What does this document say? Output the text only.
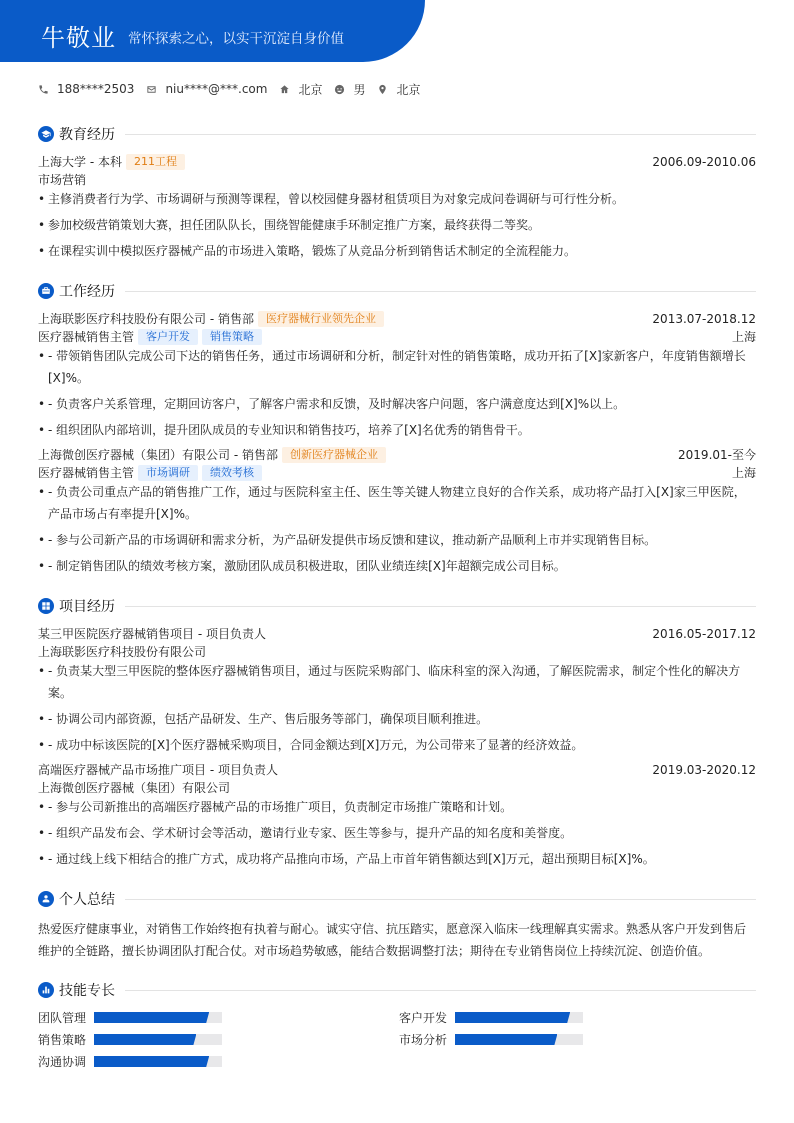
牛敬业 常怀探索之心，以实干沉淀自身价值
188****2503	niu****@***.com	北京	男	北京
教育经历
上海大学 - 本科	211工程	2006.09-2010.06
市场营销
• 主修消费者行为学、市场调研与预测等课程，曾以校园健身器材租赁项目为对象完成问卷调研与可行性分析。
• 参加校级营销策划大赛，担任团队队长，围绕智能健康手环制定推广方案，最终获得二等奖。
• 在课程实训中模拟医疗器械产品的市场进入策略，锻炼了从竞品分析到销售话术制定的全流程能力。
工作经历
上海联影医疗科技股份有限公司 - 销售部	医疗器械行业领先企业	2013.07-2018.12
医疗器械销售主管	客户开发	销售策略	上海
• - 带领销售团队完成公司下达的销售任务，通过市场调研和分析，制定针对性的销售策略，成功开拓了[X]家新客户，年度销售额增长[X]%。
• - 负责客户关系管理，定期回访客户，了解客户需求和反馈，及时解决客户问题，客户满意度达到[X]%以上。
• - 组织团队内部培训，提升团队成员的专业知识和销售技巧，培养了[X]名优秀的销售骨干。
上海微创医疗器械（集团）有限公司 - 销售部	创新医疗器械企业	2019.01-至今
医疗器械销售主管	市场调研	绩效考核	上海
• - 负责公司重点产品的销售推广工作，通过与医院科室主任、医生等关键人物建立良好的合作关系，成功将产品打入[X]家三甲医院，产品市场占有率提升[X]%。
• - 参与公司新产品的市场调研和需求分析，为产品研发提供市场反馈和建议，推动新产品顺利上市并实现销售目标。
• - 制定销售团队的绩效考核方案，激励团队成员积极进取，团队业绩连续[X]年超额完成公司目标。
项目经历
某三甲医院医疗器械销售项目 - 项目负责人	2016.05-2017.12
上海联影医疗科技股份有限公司
• - 负责某大型三甲医院的整体医疗器械销售项目，通过与医院采购部门、临床科室的深入沟通，了解医院需求，制定个性化的解决方案。
• - 协调公司内部资源，包括产品研发、生产、售后服务等部门，确保项目顺利推进。
• - 成功中标该医院的[X]个医疗器械采购项目，合同金额达到[X]万元，为公司带来了显著的经济效益。
高端医疗器械产品市场推广项目 - 项目负责人	2019.03-2020.12
上海微创医疗器械（集团）有限公司
• - 参与公司新推出的高端医疗器械产品的市场推广项目，负责制定市场推广策略和计划。
• - 组织产品发布会、学术研讨会等活动，邀请行业专家、医生等参与，提升产品的知名度和美誉度。
• - 通过线上线下相结合的推广方式，成功将产品推向市场，产品上市首年销售额达到[X]万元，超出预期目标[X]%。
个人总结
热爱医疗健康事业，对销售工作始终抱有执着与耐心。诚实守信、抗压踏实，愿意深入临床一线理解真实需求。熟悉从客户开发到售后维护的全链路，擅长协调团队打配合仗。对市场趋势敏感，能结合数据调整打法；期待在专业销售岗位上持续沉淀、创造价值。
技能专长
团队管理	客户开发
销售策略	市场分析
沟通协调
